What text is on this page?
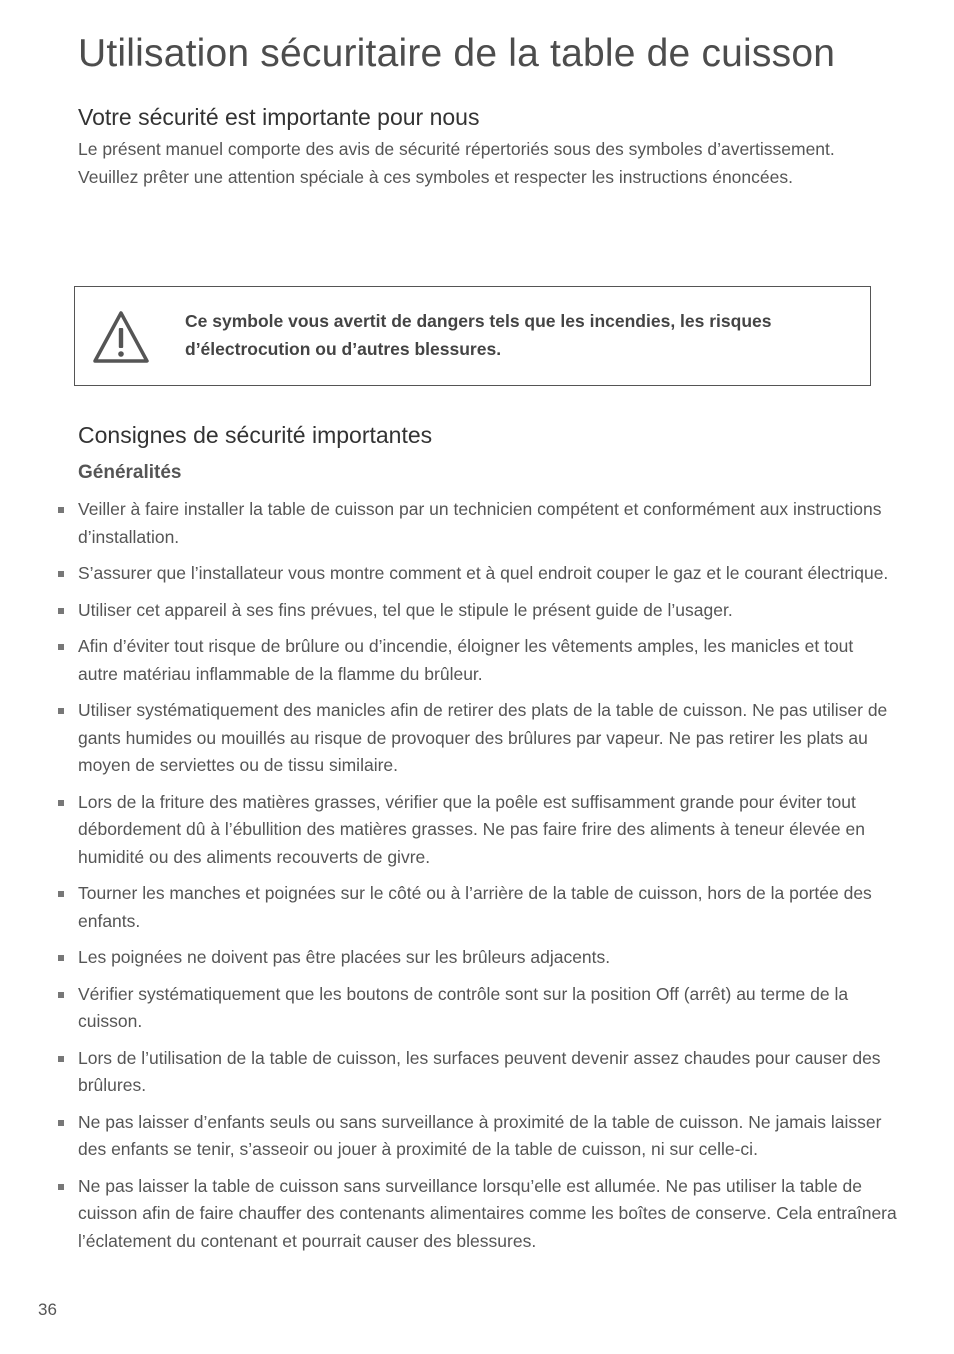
Utilisation sécuritaire de la table de cuisson
Votre sécurité est importante pour nous

Le présent manuel comporte des avis de sécurité répertoriés sous des symboles d’avertissement.

Veuillez prêter une attention spéciale à ces symboles et respecter les instructions énoncées.

Ce symbole vous avertit de dangers tels que les incendies, les risques
d’électrocution ou d’autres blessures.
Consignes de sécurité importantes
Généralités
Veiller à faire installer la table de cuisson par un technicien compétent et conformément aux instructions d’installation.
S’assurer que l’installateur vous montre comment et à quel endroit couper le gaz et le courant électrique.
Utiliser cet appareil à ses fins prévues, tel que le stipule le présent guide de l’usager.
Afin d’éviter tout risque de brûlure ou d’incendie, éloigner les vêtements amples, les manicles et tout autre matériau inflammable de la flamme du brûleur.
Utiliser systématiquement des manicles afin de retirer des plats de la table de cuisson. Ne pas utiliser de gants humides ou mouillés au risque de provoquer des brûlures par vapeur. Ne pas retirer les plats au moyen de serviettes ou de tissu similaire.
Lors de la friture des matières grasses, vérifier que la poêle est suffisamment grande pour éviter tout débordement dû à l’ébullition des matières grasses. Ne pas faire frire des aliments à teneur élevée en humidité ou des aliments recouverts de givre.
Tourner les manches et poignées sur le côté ou à l’arrière de la table de cuisson, hors de la portée des enfants.
Les poignées ne doivent pas être placées sur les brûleurs adjacents.
Vérifier systématiquement que les boutons de contrôle sont sur la position Off (arrêt) au terme de la cuisson.
Lors de l’utilisation de la table de cuisson, les surfaces peuvent devenir assez chaudes pour causer des brûlures.
Ne pas laisser d’enfants seuls ou sans surveillance à proximité de la table de cuisson. Ne jamais laisser des enfants se tenir, s’asseoir ou jouer à proximité de la table de cuisson, ni sur celle-ci.
Ne pas laisser la table de cuisson sans surveillance lorsqu’elle est allumée. Ne pas utiliser la table de cuisson afin de faire chauffer des contenants alimentaires comme les boîtes de conserve. Cela entraînera l’éclatement du contenant et pourrait causer des blessures.
36
